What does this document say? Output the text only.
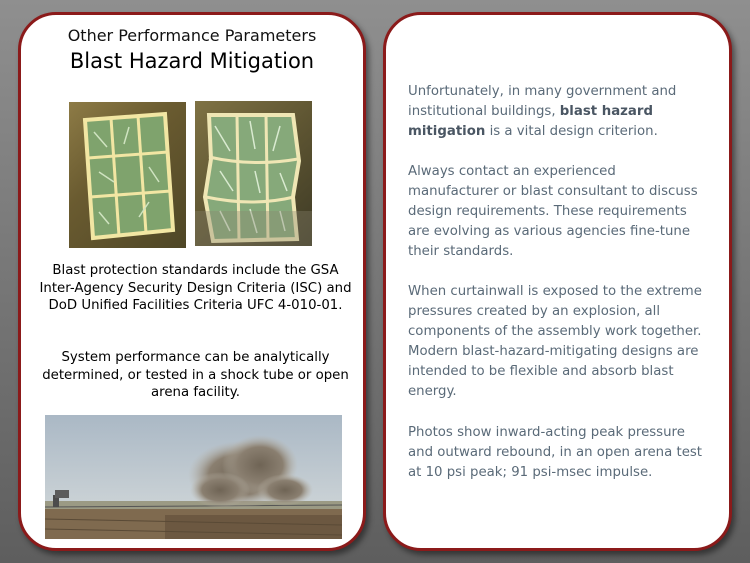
Other Performance Parameters
Blast Hazard Mitigation
Blast protection standards include the GSA Inter-Agency Security Design Criteria (ISC) and DoD Unified Facilities Criteria UFC 4-010-01.
System performance can be analytically determined, or tested in a shock tube or open arena facility.
Unfortunately, in many government and institutional buildings, blast hazard mitigation is a vital design criterion.
Always contact an experienced manufacturer or blast consultant to discuss design requirements. These requirements are evolving as various agencies fine-tune their standards.
When curtainwall is exposed to the extreme pressures created by an explosion, all components of the assembly work together. Modern blast-hazard-mitigating designs are intended to be flexible and absorb blast energy.
Photos show inward-acting peak pressure and outward rebound, in an open arena test at 10 psi peak; 91 psi-msec impulse.
